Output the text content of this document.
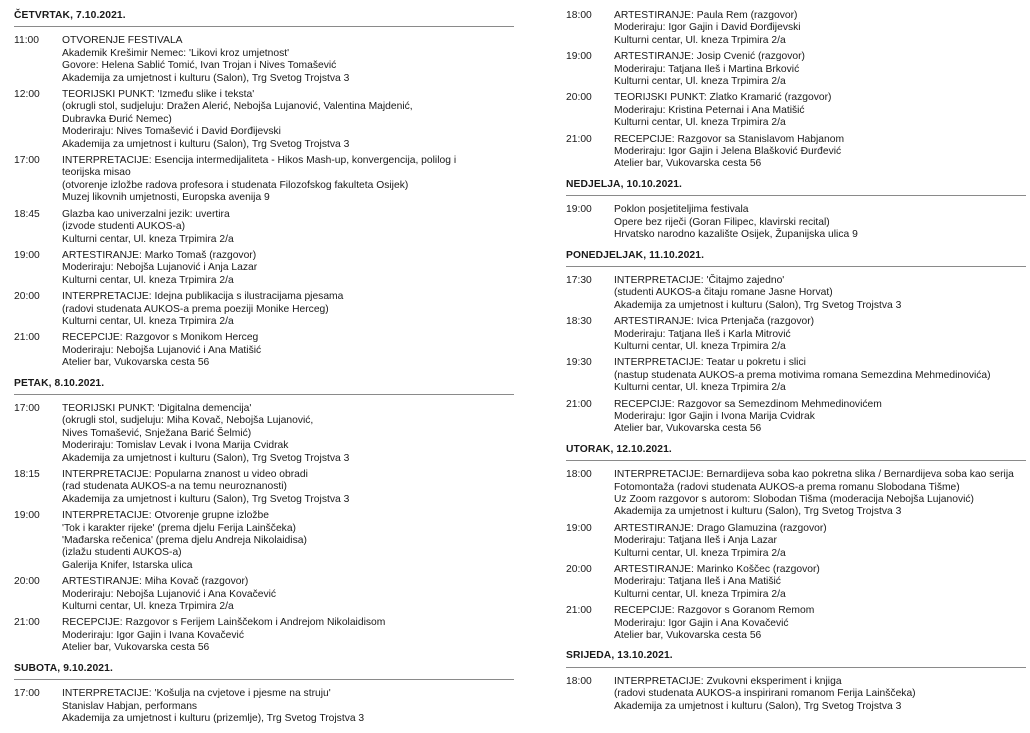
ČETVRTAK, 7.10.2021.
11:00	OTVORENJE FESTIVALA
Akademik Krešimir Nemec: 'Likovi kroz umjetnost'
Govore: Helena Sablić Tomić, Ivan Trojan i Nives Tomašević
Akademija za umjetnost i kulturu (Salon), Trg Svetog Trojstva 3
12:00	TEORIJSKI PUNKT: 'Između slike i teksta'
(okrugli stol, sudjeluju: Dražen Alerić, Nebojša Lujanović, Valentina Majdenić,
Dubravka Đurić Nemec)
Moderiraju: Nives Tomašević i David Đorđijevski
Akademija za umjetnost i kulturu (Salon), Trg Svetog Trojstva 3
17:00	INTERPRETACIJE: Esencija intermedijaliteta - Hikos Mash-up, konvergencija, polilog i
teorijska misao
(otvorenje izložbe radova profesora i studenata Filozofskog fakulteta Osijek)
Muzej likovnih umjetnosti, Europska avenija 9
18:45	Glazba kao univerzalni jezik: uvertira
(izvode studenti AUKOS-a)
Kulturni centar, Ul. kneza Trpimira 2/a
19:00	ARTESTIRANJE: Marko Tomaš (razgovor)
Moderiraju: Nebojša Lujanović i Anja Lazar
Kulturni centar, Ul. kneza Trpimira 2/a
20:00	INTERPRETACIJE: Idejna publikacija s ilustracijama pjesama
(radovi studenata AUKOS-a prema poeziji Monike Herceg)
Kulturni centar, Ul. kneza Trpimira 2/a
21:00	RECEPCIJE: Razgovor s Monikom Herceg
Moderiraju: Nebojša Lujanović i Ana Matišić
Atelier bar, Vukovarska cesta 56
PETAK, 8.10.2021.
17:00	TEORIJSKI PUNKT: 'Digitalna demencija'
(okrugli stol, sudjeluju: Miha Kovač, Nebojša Lujanović,
Nives Tomašević, Snježana Barić Šelmić)
Moderiraju: Tomislav Levak i Ivona Marija Cvidrak
Akademija za umjetnost i kulturu (Salon), Trg Svetog Trojstva 3
18:15	INTERPRETACIJE: Popularna znanost u video obradi
(rad studenata AUKOS-a na temu neuroznanosti)
Akademija za umjetnost i kulturu (Salon), Trg Svetog Trojstva 3
19:00	INTERPRETACIJE: Otvorenje grupne izložbe
'Tok i karakter rijeke' (prema djelu Ferija Lainščeka)
'Mađarska rečenica' (prema djelu Andreja Nikolaidisa)
(izlažu studenti AUKOS-a)
Galerija Knifer, Istarska ulica
20:00	ARTESTIRANJE: Miha Kovač (razgovor)
Moderiraju: Nebojša Lujanović i Ana Kovačević
Kulturni centar, Ul. kneza Trpimira 2/a
21:00	RECEPCIJE: Razgovor s Ferijem Lainščekom i Andrejom Nikolaidisom
Moderiraju: Igor Gajin i Ivana Kovačević
Atelier bar, Vukovarska cesta 56
SUBOTA, 9.10.2021.
17:00	INTERPRETACIJE: 'Košulja na cvjetove i pjesme na struju'
Stanislav Habjan, performans
Akademija za umjetnost i kulturu (prizemlje), Trg Svetog Trojstva 3
18:00	ARTESTIRANJE: Paula Rem (razgovor)
Moderiraju: Igor Gajin i David Đorđijevski
Kulturni centar, Ul. kneza Trpimira 2/a
19:00	ARTESTIRANJE: Josip Cvenić (razgovor)
Moderiraju: Tatjana Ileš i Martina Brković
Kulturni centar, Ul. kneza Trpimira 2/a
20:00	TEORIJSKI PUNKT: Zlatko Kramarić (razgovor)
Moderiraju: Kristina Peternai i Ana Matišić
Kulturni centar, Ul. kneza Trpimira 2/a
21:00	RECEPCIJE: Razgovor sa Stanislavom Habjanom
Moderiraju: Igor Gajin i Jelena Blašković Đurđević
Atelier bar, Vukovarska cesta 56
NEDJELJA, 10.10.2021.
19:00	Poklon posjetiteljima festivala
Opere bez riječi (Goran Filipec, klavirski recital)
Hrvatsko narodno kazalište Osijek, Županijska ulica 9
PONEDJELJAK, 11.10.2021.
17:30	INTERPRETACIJE: 'Čitajmo zajedno'
(studenti AUKOS-a čitaju romane Jasne Horvat)
Akademija za umjetnost i kulturu (Salon), Trg Svetog Trojstva 3
18:30	ARTESTIRANJE: Ivica Prtenjača (razgovor)
Moderiraju: Tatjana Ileš i Karla Mitrović
Kulturni centar, Ul. kneza Trpimira 2/a
19:30	INTERPRETACIJE: Teatar u pokretu i slici
(nastup studenata AUKOS-a prema motivima romana Semezdina Mehmedinovića)
Kulturni centar, Ul. kneza Trpimira 2/a
21:00	RECEPCIJE: Razgovor sa Semezdinom Mehmedinovićem
Moderiraju: Igor Gajin i Ivona Marija Cvidrak
Atelier bar, Vukovarska cesta 56
UTORAK, 12.10.2021.
18:00	INTERPRETACIJE: Bernardijeva soba kao pokretna slika / Bernardijeva soba kao serija
Fotomontaža (radovi studenata AUKOS-a prema romanu Slobodana Tišme)
Uz Zoom razgovor s autorom: Slobodan Tišma (moderacija Nebojša Lujanović)
Akademija za umjetnost i kulturu (Salon), Trg Svetog Trojstva 3
19:00	ARTESTIRANJE: Drago Glamuzina (razgovor)
Moderiraju: Tatjana Ileš i Anja Lazar
Kulturni centar, Ul. kneza Trpimira 2/a
20:00	ARTESTIRANJE: Marinko Koščec (razgovor)
Moderiraju: Tatjana Ileš i Ana Matišić
Kulturni centar, Ul. kneza Trpimira 2/a
21:00	RECEPCIJE: Razgovor s Goranom Remom
Moderiraju: Igor Gajin i Ana Kovačević
Atelier bar, Vukovarska cesta 56
SRIJEDA, 13.10.2021.
18:00	INTERPRETACIJE: Zvukovni eksperiment i knjiga
(radovi studenata AUKOS-a inspirirani romanom Ferija Lainščeka)
Akademija za umjetnost i kulturu (Salon), Trg Svetog Trojstva 3
